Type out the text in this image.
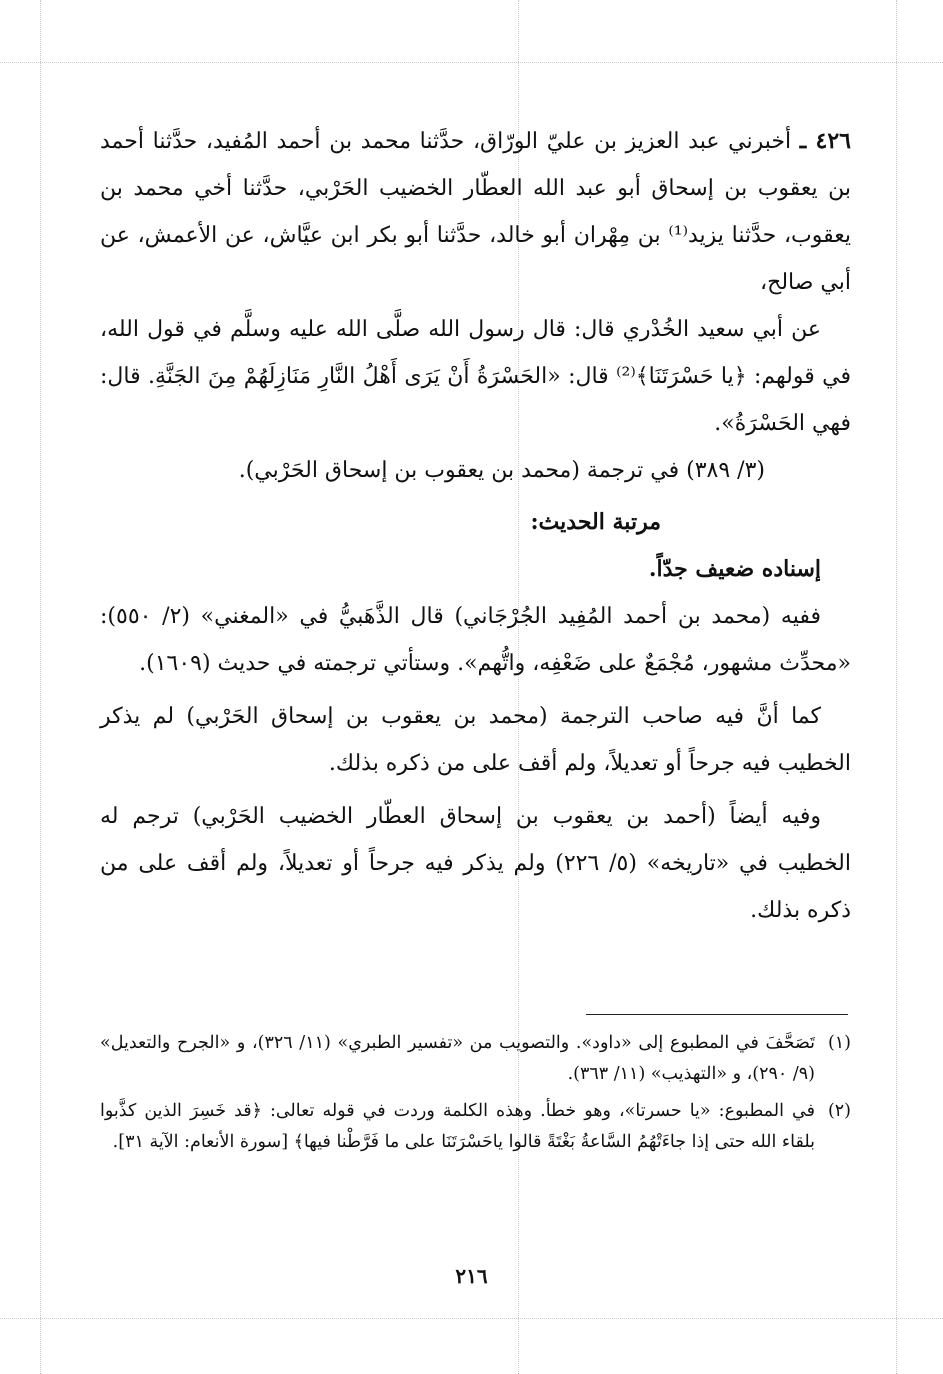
٤٢٦ ـ أخبرني عبد العزيز بن عليّ الورّاق، حدَّثنا محمد بن أحمد المُفيد، حدَّثنا أحمد بن يعقوب بن إسحاق أبو عبد الله العطّار الخضيب الحَرْبي، حدَّثنا أخي محمد بن يعقوب، حدَّثنا يزيد⁽¹⁾ بن مِهْران أبو خالد، حدَّثنا أبو بكر ابن عيَّاش، عن الأعمش، عن أبي صالح،

عن أبي سعيد الخُدْري قال: قال رسول الله صلَّى الله عليه وسلَّم في قول الله، في قولهم: ﴿يا حَسْرَتَنَا﴾⁽²⁾ قال: «الحَسْرَةُ أَنْ يَرَى أَهْلُ النَّارِ مَنَازِلَهُمْ مِنَ الجَنَّةِ. قال: فهي الحَسْرَةُ».

(٣/ ٣٨٩) في ترجمة (محمد بن يعقوب بن إسحاق الحَرْبي).

مرتبة الحديث:

إسناده ضعيف جدّاً.

ففيه (محمد بن أحمد المُفِيد الجُرْجَاني) قال الذَّهَبيُّ في «المغني» (٢/ ٥٥٠): «محدِّث مشهور، مُجْمَعٌ على ضَعْفِه، واتُّهم». وستأتي ترجمته في حديث (١٦٠٩).

كما أنَّ فيه صاحب الترجمة (محمد بن يعقوب بن إسحاق الحَرْبي) لم يذكر الخطيب فيه جرحاً أو تعديلاً، ولم أقف على من ذكره بذلك.

وفيه أيضاً (أحمد بن يعقوب بن إسحاق العطّار الخضيب الحَرْبي) ترجم له الخطيب في «تاريخه» (٥/ ٢٢٦) ولم يذكر فيه جرحاً أو تعديلاً، ولم أقف على من ذكره بذلك.

(١)تَصَحَّفَ في المطبوع إلى «داود». والتصويب من «تفسير الطبري» (١١/ ٣٢٦)، و «الجرح والتعديل» (٩/ ٢٩٠)، و «التهذيب» (١١/ ٣٦٣).

(٢)في المطبوع: «يا حسرتا»، وهو خطأ. وهذه الكلمة وردت في قوله تعالى: ﴿قد خَسِرَ الذين كذَّبوا بلقاء الله حتى إذا جاءَتْهُمُ السَّاعةُ بَغْتَةً قالوا ياحَسْرَتَنَا على ما فَرَّطْنا فيها﴾ [سورة الأنعام: الآية ٣١].

٢١٦
